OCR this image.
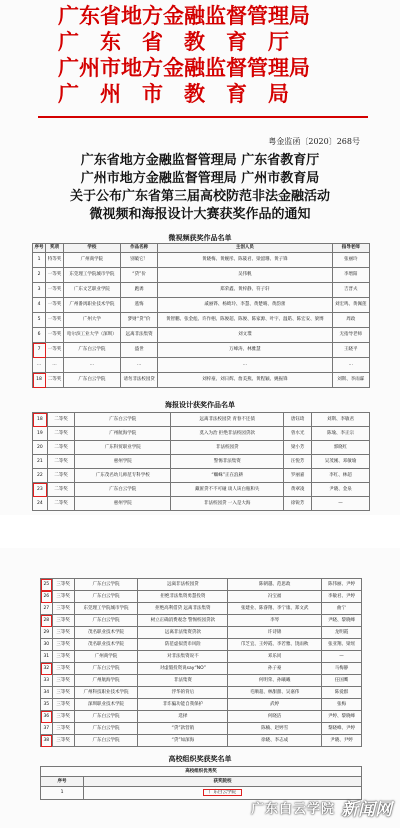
广东省地方金融监督管理局
广　东　省　教　育　厅
广州市地方金融监督管理局
广　州　市　教　育　局
粤金监函〔2020〕268号
广东省地方金融监督管理局 广东省教育厅
广州市地方金融监督管理局 广州市教育局
关于公布广东省第三届高校防范非法金融活动
微视频和海报设计大赛获奖作品的通知
微视频获奖作品名单
序号	奖项	学校	作品名称	主创人员	指导老师
1	特等奖	广州商学院	别破它！	黄晓梅、黄婉彤、陈筱君、梁韶珊、黄子锋	张丽玲
2	一等奖	东莞理工学院城市学院	“贷”价	吴伟帆	李增阳
3	一等奖	广东文艺职业学院	跑诱	郑荣鑫、黄梓静、符子轩	吉晋夫
4	一等奖	广州番禺职业技术学院	逃悔	戚丽铧、杨绮玲、李慧、黄楚晴、黄韵蕾	刘宏鸣、黄佩莲
5	一等奖	广州大学	梦财“贷”价	黄智鹏、张金彪、许作栩、陈俊超、陈俊、陈家源、叶宇、温皓、陈宏安、梁博	周政
6	一等奖	哈尔滨工业大学（深圳）	远离非法集资	刘文璟	无指导老师
7	一等奖	广东白云学院	盛世	万峰涛、林雅慧	王晓平
…	…	…	…	…	…
18	二等奖	广东白云学院	请勿非法校园贷	刘梓豪、刘日辉、詹美燕、黄程颖、姚振锋	刘斯、李雨霖
海报设计获奖作品名单
18	二等奖	广东白云学院	远离非法校园贷 青春不还债	唐钰琦	刘斯、李敏君
19	二等奖	广州航海学院	莫入为治 拒绝非法校园贷款	曾水光	陈瑜、李正宗
20	二等奖	广东科贸职业学院	非法校园贷	梁小芳	郭晓红
21	二等奖	惠州学院	警惕非法集资	汪悦芳	吴茂刚、邓敏瑜
22	二等奖	广东茂名幼儿师范专科学校	“蜘蛛”正在浪耕	罗丽嘉	李红、林超
23	二等奖	广东白云学院	藏匿贷不不可碰 谈人该白瓶和失	黄翠凌	尹晓、金泉
24	二等奖	惠州学院	非法校园贷 一入是大海	徐锐芳	—
25	三等奖	广东白云学院	远离非法校园贷	陈朝越、范思政	陈伟丽、尹婷
26	三等奖	广东白云学院	拒绝非法集资勇慧投资	冯宝福	李敏君、尹婷
27	三等奖	东莞理工学院城市学院	拒绝高利借贷 远离非法集资	张建业、陈睿翔、李宁康、郑文武	曲宁
28	三等奖	广东白云学院	树立正确消费观念 警惕校园贷款	李琴	尹晓、黎晓峰
29	三等奖	茂名职业技术学院	远离非法集资贷款	许诗锦	龙明霞
30	三等奖	茂名职业技术学院	防范虚拟货币风险	邝芝宜、王婷霞、李若雅、饶雨秋	张亚翔、梁瑶
31	三等奖	广州商学院	对非法集资说不	邓乐同	—
32	三等奖	广东白云学院	对虚假投资说say“NO”	孙子豪	马梅静
33	三等奖	广州航海学院	非法集资	何明荣、孙曦曦	任国鹰
34	三等奖	广州科技职业技术学院	浮华的背后	毛顺超、林甜甜、吴嘉伟	陈爱群
35	三等奖	深圳职业技术学院	非诈骗功能自我保护	武婷	张梅
36	三等奖	广东白云学院	选择	何晓洁	尹婷、黎晓峰
37	三等奖	广东白云学院	“贷”款营销	陈楠、赵婷雪	黎晓峰、尹婷
38	三等奖	广东白云学院	“贷”如深海	徐晓、李志成	尹晓、尹婷
高校组织奖获奖名单
高校组织优秀奖	
序号	获奖院校
1	广东白云学院
广东白云学院 新闻网
